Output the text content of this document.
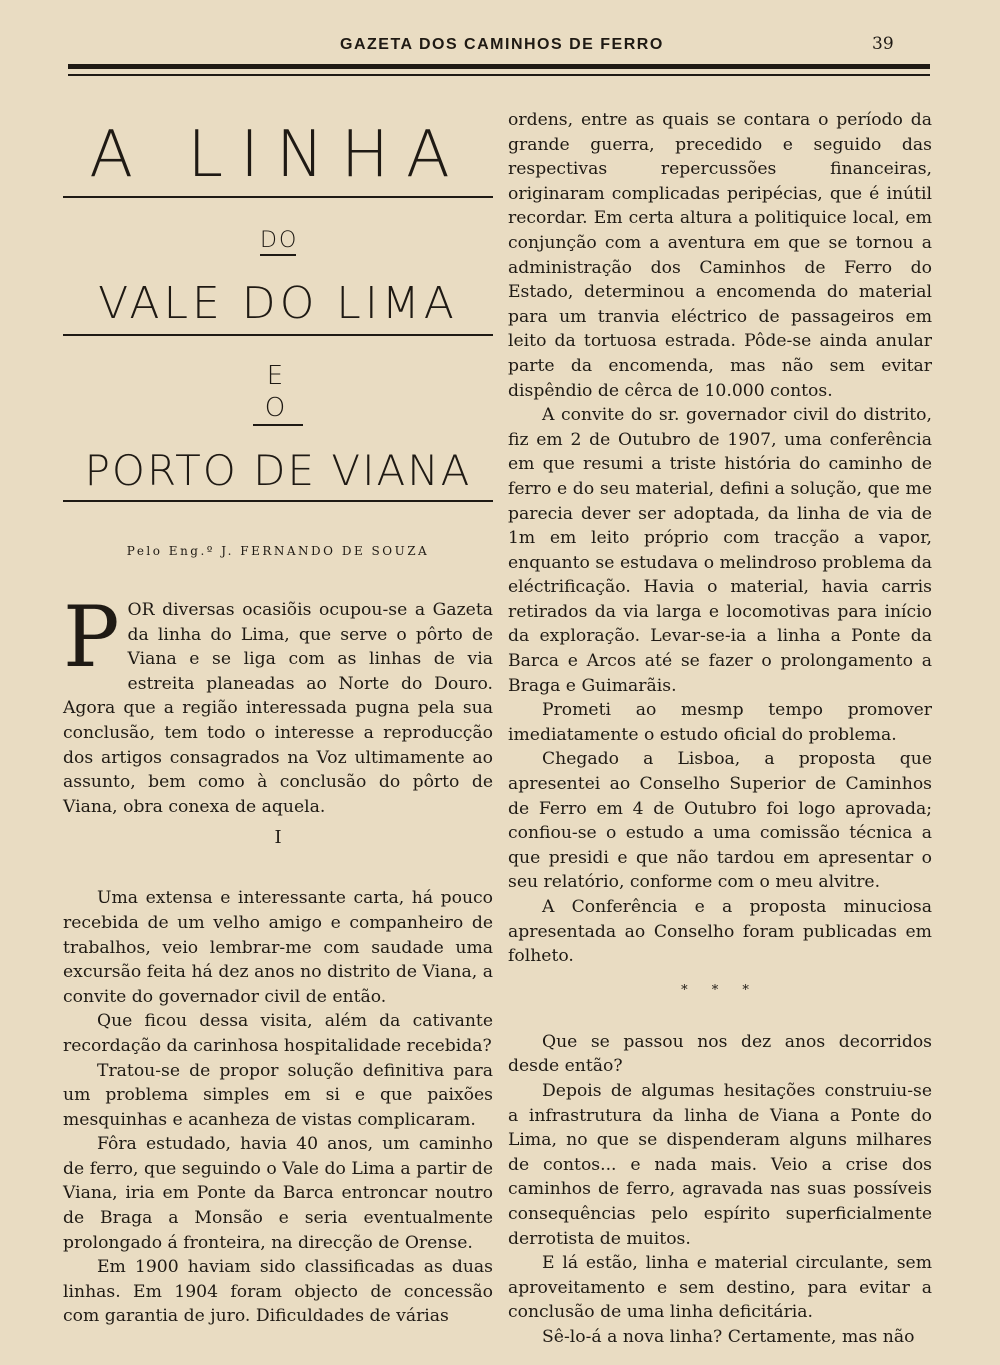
GAZETA DOS CAMINHOS DE FERRO	39
A LINHA
DO
VALE DO LIMA
E O
PORTO DE VIANA
Pelo Eng.º J. FERNANDO DE SOUZA
P OR diversas ocasiõis ocupou-se a Gazeta da linha do Lima, que serve o pôrto de Viana e se liga com as linhas de via estreita planeadas ao Norte do Douro. Agora que a região interessada pugna pela sua conclusão, tem todo o interesse a reproducção dos artigos consagrados na Voz ultimamente ao assunto, bem como à conclusão do pôrto de Viana, obra conexa de aquela.

I

Uma extensa e interessante carta, há pouco recebida de um velho amigo e companheiro de trabalhos, veio lembrar-me com saudade uma excursão feita há dez anos no distrito de Viana, a convite do governador civil de então.

Que ficou dessa visita, além da cativante recordação da carinhosa hospitalidade recebida?

Tratou-se de propor solução definitiva para um problema simples em si e que paixões mesquinhas e acanheza de vistas complicaram.

Fôra estudado, havia 40 anos, um caminho de ferro, que seguindo o Vale do Lima a partir de Viana, iria em Ponte da Barca entroncar noutro de Braga a Monsão e seria eventualmente prolongado á fronteira, na direcção de Orense.

Em 1900 haviam sido classificadas as duas linhas. Em 1904 foram objecto de concessão com garantia de juro. Dificuldades de várias

ordens, entre as quais se contara o período da grande guerra, precedido e seguido das respectivas repercussões financeiras, originaram complicadas peripécias, que é inútil recordar. Em certa altura a politiquice local, em conjunção com a aventura em que se tornou a administração dos Caminhos de Ferro do Estado, determinou a encomenda do material para um tranvia eléctrico de passageiros em leito da tortuosa estrada. Pôde-se ainda anular parte da encomenda, mas não sem evitar dispêndio de cêrca de 10.000 contos.

A convite do sr. governador civil do distrito, fiz em 2 de Outubro de 1907, uma conferência em que resumi a triste história do caminho de ferro e do seu material, defini a solução, que me parecia dever ser adoptada, da linha de via de 1m em leito próprio com tracção a vapor, enquanto se estudava o melindroso problema da eléctrificação. Havia o material, havia carris retirados da via larga e locomotivas para início da exploração. Levar-se-ia a linha a Ponte da Barca e Arcos até se fazer o prolongamento a Braga e Guimarãis.

Prometi ao mesmp tempo promover imediatamente o estudo oficial do problema.

Chegado a Lisboa, a proposta que apresentei ao Conselho Superior de Caminhos de Ferro em 4 de Outubro foi logo aprovada; confiou-se o estudo a uma comissão técnica a que presidi e que não tardou em apresentar o seu relatório, conforme com o meu alvitre.

A Conferência e a proposta minuciosa apresentada ao Conselho foram publicadas em folheto.

* * *

Que se passou nos dez anos decorridos desde então?

Depois de algumas hesitações construiu-se a infrastrutura da linha de Viana a Ponte do Lima, no que se dispenderam alguns milhares de contos... e nada mais. Veio a crise dos caminhos de ferro, agravada nas suas possíveis consequências pelo espírito superficialmente derrotista de muitos.

E lá estão, linha e material circulante, sem aproveitamento e sem destino, para evitar a conclusão de uma linha deficitária.

Sê-lo-á a nova linha? Certamente, mas não
